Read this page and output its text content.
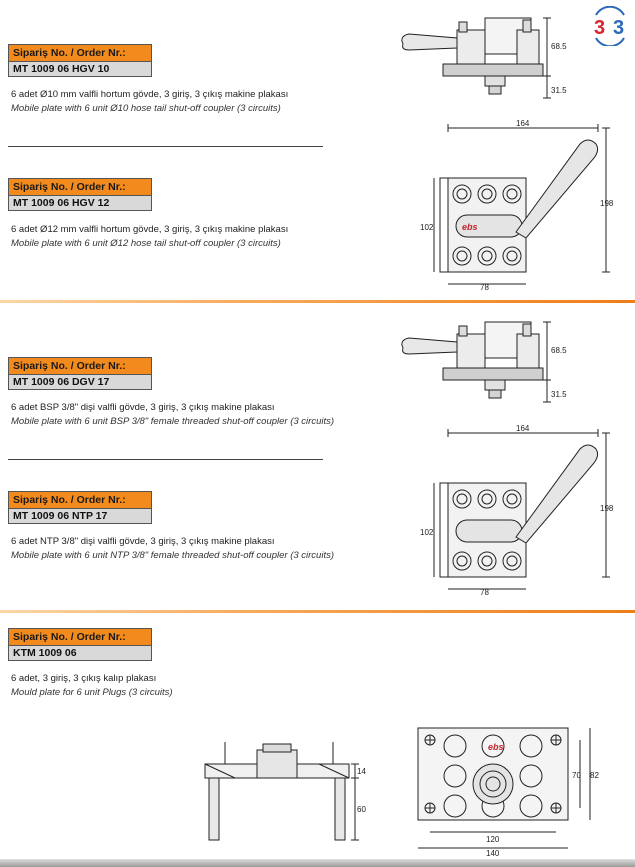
3 3
Sipariş No. / Order Nr.:
MT 1009 06 HGV 10
6 adet Ø10 mm valfli hortum gövde, 3 giriş, 3 çıkış makine plakası
Mobile plate with 6 unit Ø10 hose tail shut-off coupler (3 circuits)
Sipariş No. / Order Nr.:
MT 1009 06 HGV 12
6 adet Ø12 mm valfli hortum gövde, 3 giriş, 3 çıkış makine plakası
Mobile plate with 6 unit Ø12 hose tail shut-off coupler (3 circuits)
Sipariş No. / Order Nr.:
MT 1009 06 DGV 17
6 adet BSP 3/8" dişi valfli gövde, 3 giriş, 3 çıkış makine plakası
Mobile plate with 6 unit BSP 3/8" female threaded shut-off coupler (3 circuits)
Sipariş No. / Order Nr.:
MT 1009 06 NTP 17
6 adet NTP 3/8" dişi valfli gövde, 3 giriş, 3 çıkış makine plakası
Mobile plate with 6 unit NTP 3/8" female threaded shut-off coupler (3 circuits)
Sipariş No. / Order Nr.:
KTM 1009 06
6 adet, 3 giriş, 3 çıkış kalıp plakası
Mould plate for 6 unit Plugs (3 circuits)
68.5
31.5
ebs
164
198
102
78
68.5
31.5
164
198
102
78
14
60
ebs
70 82
120
140
